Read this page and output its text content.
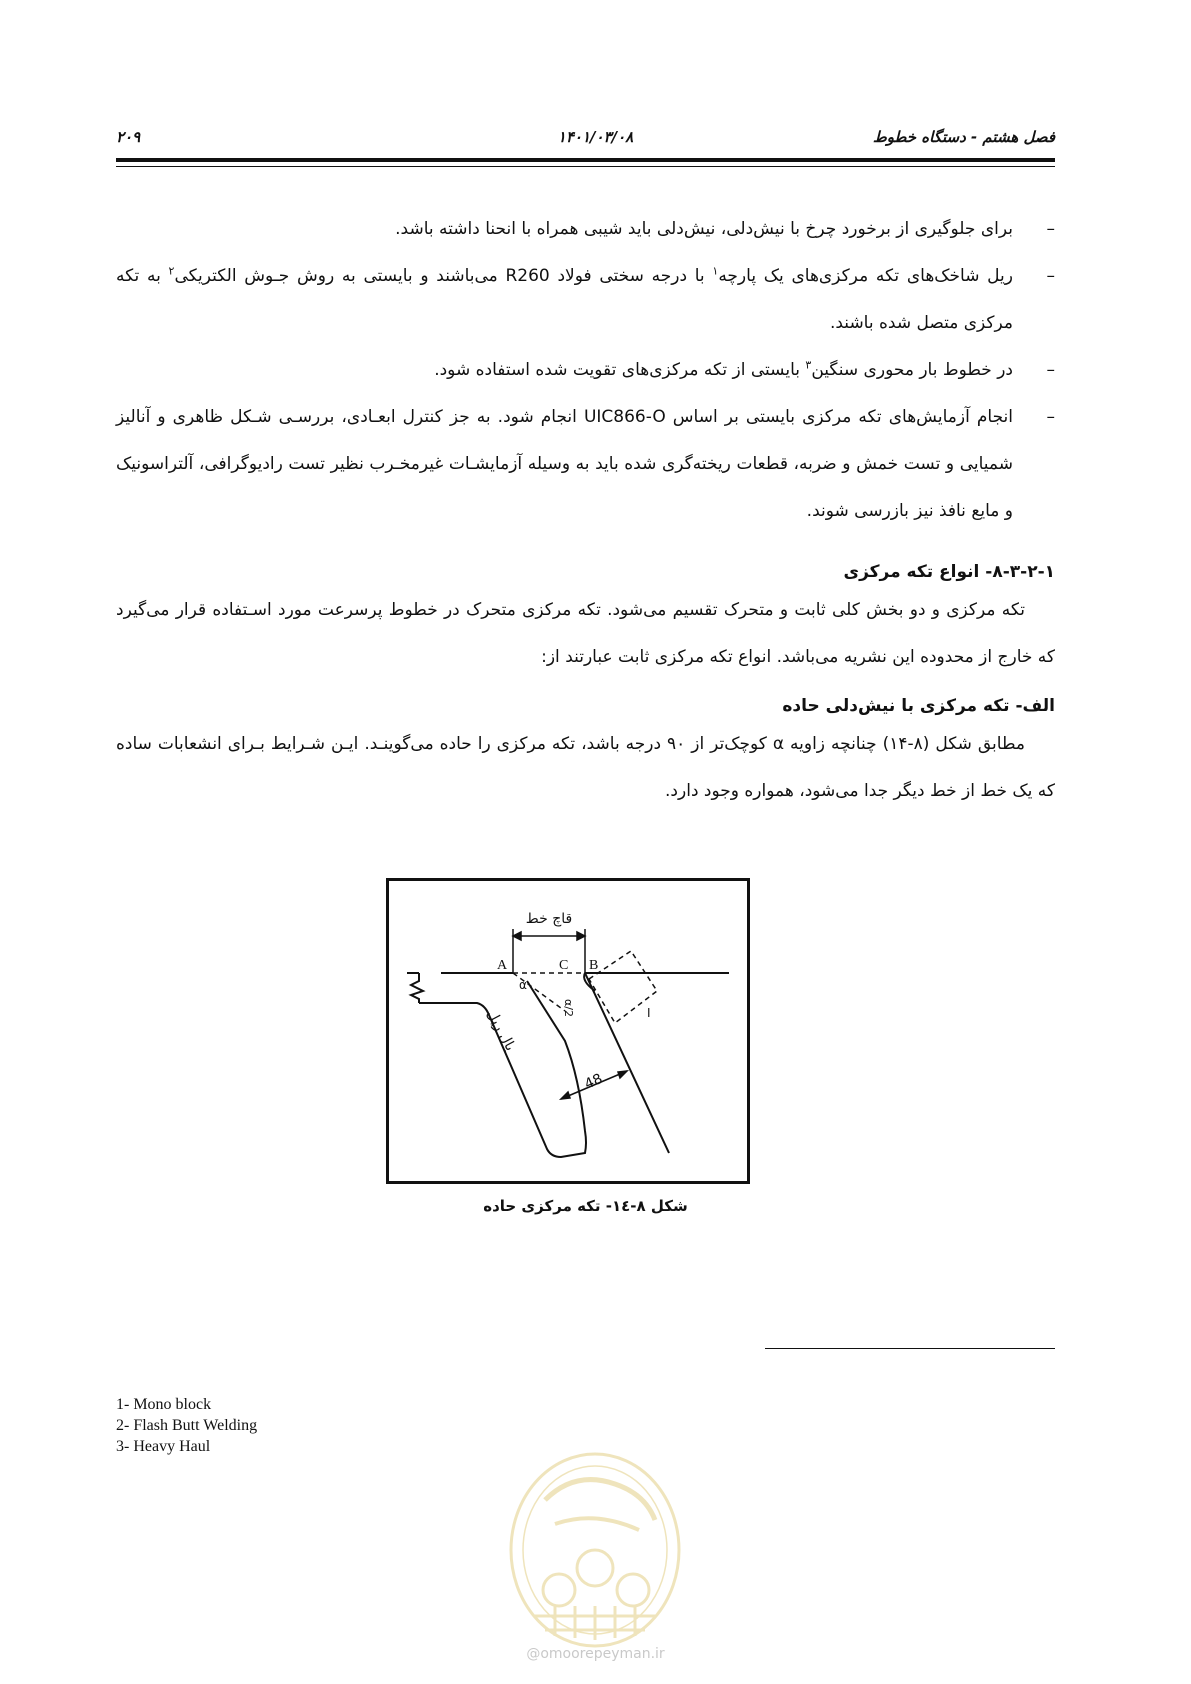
فصل هشتم - دستگاه خطوط
۱۴۰۱/۰۳/۰۸
۲۰۹
–
برای جلوگیری از برخورد چرخ با نیش‌دلی، نیش‌دلی باید شیبی همراه با انحنا داشته باشد.
–
ریل شاخک‌های تکه مرکزی‌های یک پارچه$^۱$ با درجه سختی فولاد R260 می‌باشند و بایستی به روش جـوش الکتریکی$^۲$ به تکه مرکزی متصل شده باشند.
–
در خطوط بار محوری سنگین$^۳$ بایستی از تکه مرکزی‌های تقویت شده استفاده شود.
–
انجام آزمایش‌های تکه مرکزی بایستی بر اساس UIC866-O انجام شود. به جز کنترل ابعـادی، بررسـی شـکل ظاهری و آنالیز شمیایی و تست خمش و ضربه، قطعات ریخته‌گری شده باید به وسیله آزمایشـات غیرمخـرب نظیر تست رادیوگرافی، آلتراسونیک و مایع نافذ نیز بازرسی شوند.
۸-۳-۲-۱- انواع تکه مرکزی
تکه مرکزی و دو بخش کلی ثابت و متحرک تقسیم می‌شود. تکه مرکزی متحرک در خطوط پرسرعت مورد اسـتفاده قرار می‌گیرد که خارج از محدوده این نشریه می‌باشد. انواع تکه مرکزی ثابت عبارتند از:
الف- تکه مرکزی با نیش‌دلی حاده
مطابق شکل (۸-۱۴) چنانچه زاویه α کوچک‌تر از ۹۰ درجه باشد، تکه مرکزی را حاده می‌گوینـد. ایـن شـرایط بـرای انشعابات ساده که یک خط از خط دیگر جدا می‌شود، همواره وجود دارد.
قاچ خط
A	C B
α
α/2
بال ریل
48
I
شکل ۸-۱٤- تکه مرکزی حاده
1- Mono block
2- Flash Butt Welding
3- Heavy Haul
@omoorepeyman.ir
